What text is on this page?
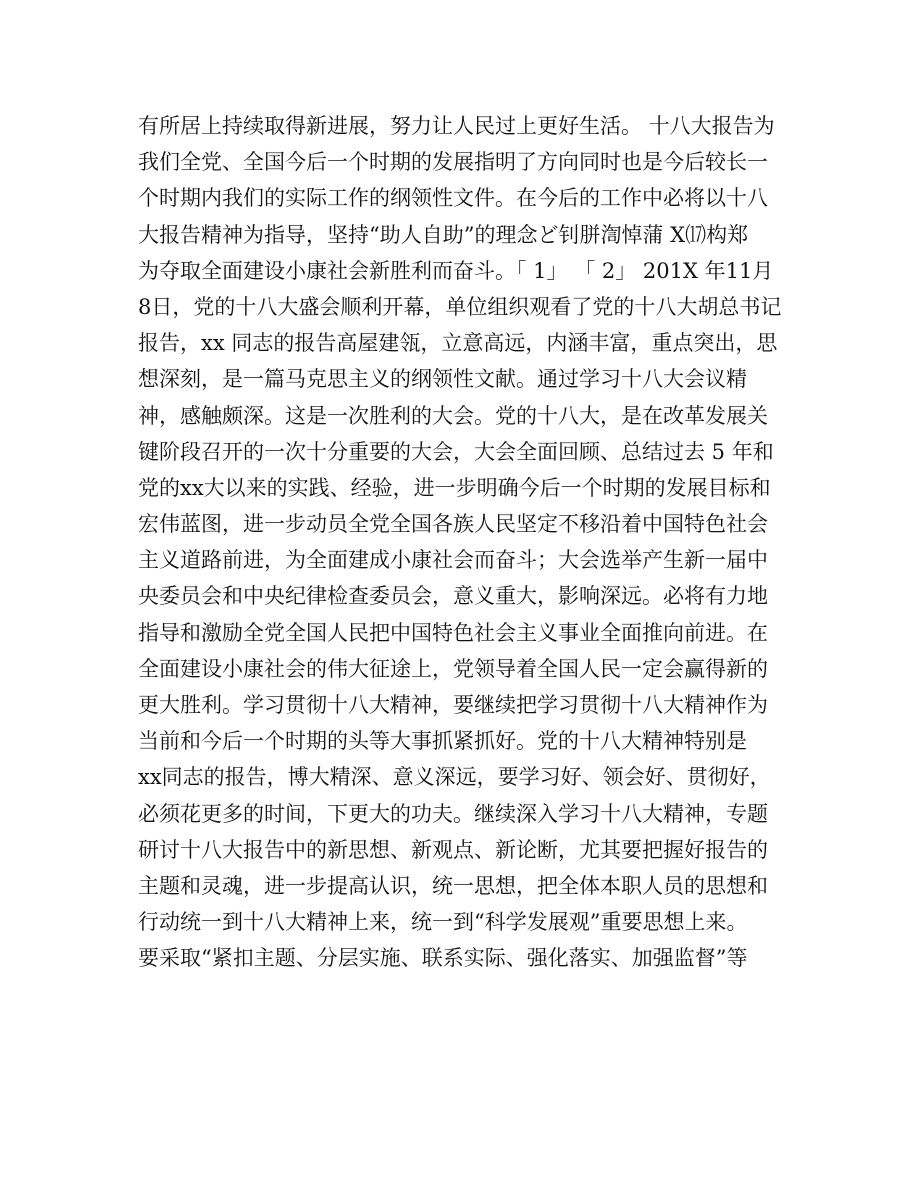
有所居上持续取得新进展，努力让人民过上更好生活。 十八大报告为
我们全党、全国今后一个时期的发展指明了方向同时也是今后较长一
个时期内我们的实际工作的纲领性文件。在今后的工作中必将以十八
大报告精神为指导，坚持“助人自助”的理念ど钊胼渹悼蒲 X⒄构郑
为夺取全面建设小康社会新胜利而奋斗。「 1」 「 2」 201X 年11月
8日，党的十八大盛会顺利开幕，单位组织观看了党的十八大胡总书记
报告，xx 同志的报告高屋建瓴，立意高远，内涵丰富，重点突出，思
想深刻，是一篇马克思主义的纲领性文献。通过学习十八大会议精
神，感触颇深。这是一次胜利的大会。党的十八大，是在改革发展关
键阶段召开的一次十分重要的大会，大会全面回顾、总结过去 5 年和
党的xx大以来的实践、经验，进一步明确今后一个时期的发展目标和
宏伟蓝图，进一步动员全党全国各族人民坚定不移沿着中国特色社会
主义道路前进，为全面建成小康社会而奋斗；大会选举产生新一届中
央委员会和中央纪律检查委员会，意义重大，影响深远。必将有力地
指导和激励全党全国人民把中国特色社会主义事业全面推向前进。在
全面建设小康社会的伟大征途上，党领导着全国人民一定会赢得新的
更大胜利。学习贯彻十八大精神，要继续把学习贯彻十八大精神作为
当前和今后一个时期的头等大事抓紧抓好。党的十八大精神特别是
xx同志的报告，博大精深、意义深远，要学习好、领会好、贯彻好，
必须花更多的时间，下更大的功夫。继续深入学习十八大精神，专题
研讨十八大报告中的新思想、新观点、新论断，尤其要把握好报告的
主题和灵魂，进一步提高认识，统一思想，把全体本职人员的思想和
行动统一到十八大精神上来，统一到“科学发展观”重要思想上来。
要采取“紧扣主题、分层实施、联系实际、强化落实、加强监督”等
